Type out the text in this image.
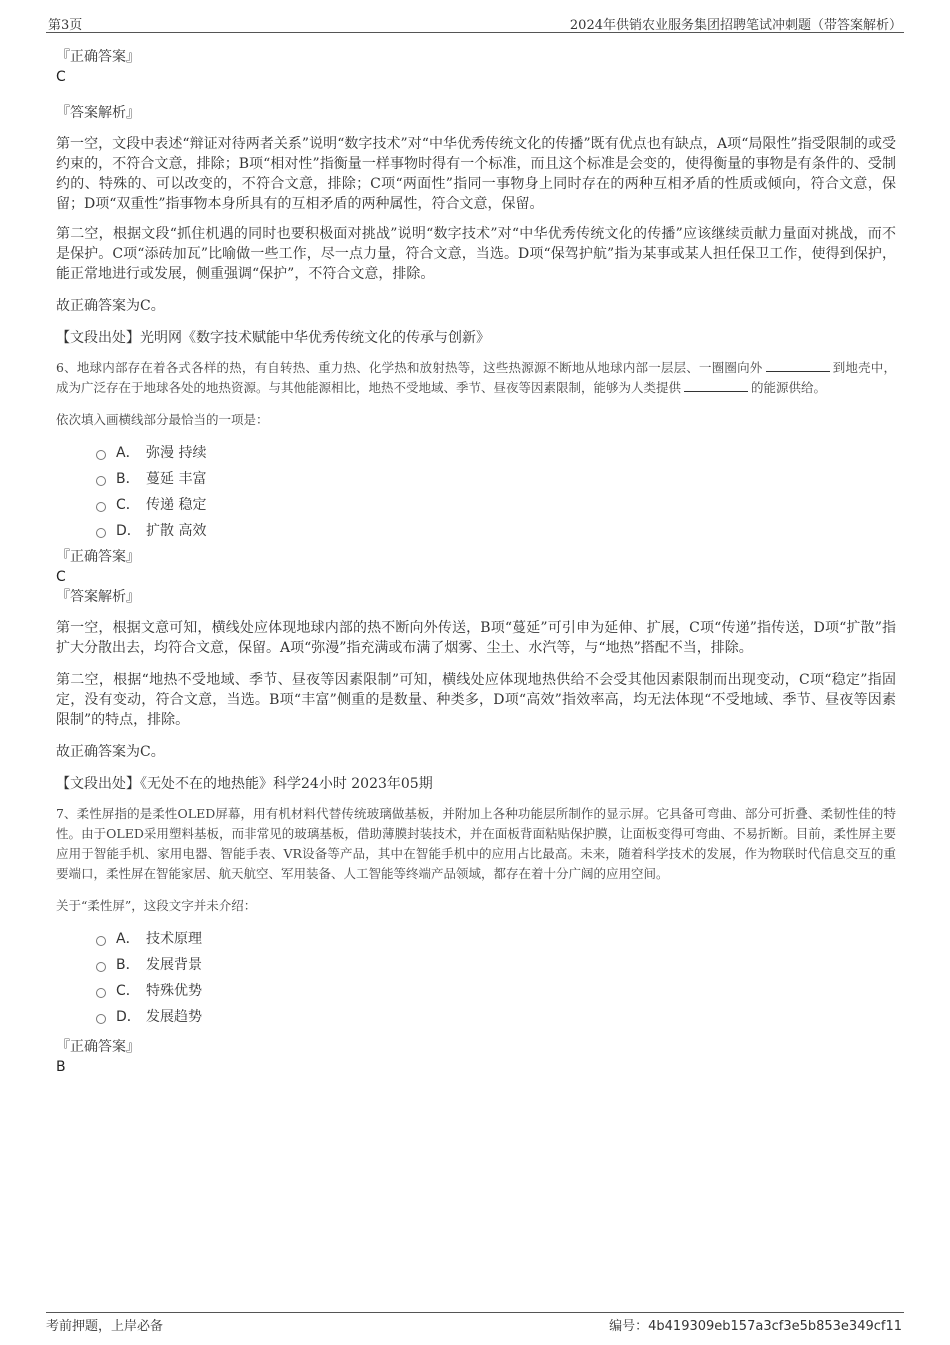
第3页	2024年供销农业服务集团招聘笔试冲刺题（带答案解析）
『正确答案』
C
『答案解析』

第一空，文段中表述“辩证对待两者关系”说明“数字技术”对“中华优秀传统文化的传播”既有优点也有缺点，A项“局限性”指受限制的或受约束的，不符合文意，排除；B项“相对性”指衡量一样事物时得有一个标准，而且这个标准是会变的，使得衡量的事物是有条件的、受制约的、特殊的、可以改变的，不符合文意，排除；C项“两面性”指同一事物身上同时存在的两种互相矛盾的性质或倾向，符合文意，保留；D项“双重性”指事物本身所具有的互相矛盾的两种属性，符合文意，保留。

第二空，根据文段“抓住机遇的同时也要积极面对挑战”说明“数字技术”对“中华优秀传统文化的传播”应该继续贡献力量面对挑战，而不是保护。C项“添砖加瓦”比喻做一些工作，尽一点力量，符合文意，当选。D项“保驾护航”指为某事或某人担任保卫工作，使得到保护，能正常地进行或发展，侧重强调“保护”，不符合文意，排除。

故正确答案为C。

【文段出处】光明网《数字技术赋能中华优秀传统文化的传承与创新》

6、地球内部存在着各式各样的热，有自转热、重力热、化学热和放射热等，这些热源源不断地从地球内部一层层、一圈圈向外	到地壳中，成为广泛存在于地球各处的地热资源。与其他能源相比，地热不受地域、季节、昼夜等因素限制，能够为人类提供	的能源供给。

依次填入画横线部分最恰当的一项是：

A． 弥漫 持续
B． 蔓延 丰富
C． 传递 稳定
D． 扩散 高效
『正确答案』
C
『答案解析』

第一空，根据文意可知，横线处应体现地球内部的热不断向外传送，B项“蔓延”可引申为延伸、扩展，C项“传递”指传送，D项“扩散”指扩大分散出去，均符合文意，保留。A项“弥漫”指充满或布满了烟雾、尘土、水汽等，与“地热”搭配不当，排除。

第二空，根据“地热不受地域、季节、昼夜等因素限制”可知，横线处应体现地热供给不会受其他因素限制而出现变动，C项“稳定”指固定，没有变动，符合文意，当选。B项“丰富”侧重的是数量、种类多，D项“高效”指效率高，均无法体现“不受地域、季节、昼夜等因素限制”的特点，排除。

故正确答案为C。

【文段出处】《无处不在的地热能》科学24小时 2023年05期

7、柔性屏指的是柔性OLED屏幕，用有机材料代替传统玻璃做基板，并附加上各种功能层所制作的显示屏。它具备可弯曲、部分可折叠、柔韧性佳的特性。由于OLED采用塑料基板，而非常见的玻璃基板，借助薄膜封装技术，并在面板背面粘贴保护膜，让面板变得可弯曲、不易折断。目前，柔性屏主要应用于智能手机、家用电器、智能手表、VR设备等产品，其中在智能手机中的应用占比最高。未来，随着科学技术的发展，作为物联时代信息交互的重要端口，柔性屏在智能家居、航天航空、军用装备、人工智能等终端产品领域，都存在着十分广阔的应用空间。

关于“柔性屏”，这段文字并未介绍：

A． 技术原理
B． 发展背景
C． 特殊优势
D． 发展趋势
『正确答案』
B
考前押题，上岸必备	编号：4b419309eb157a3cf3e5b853e349cf11
